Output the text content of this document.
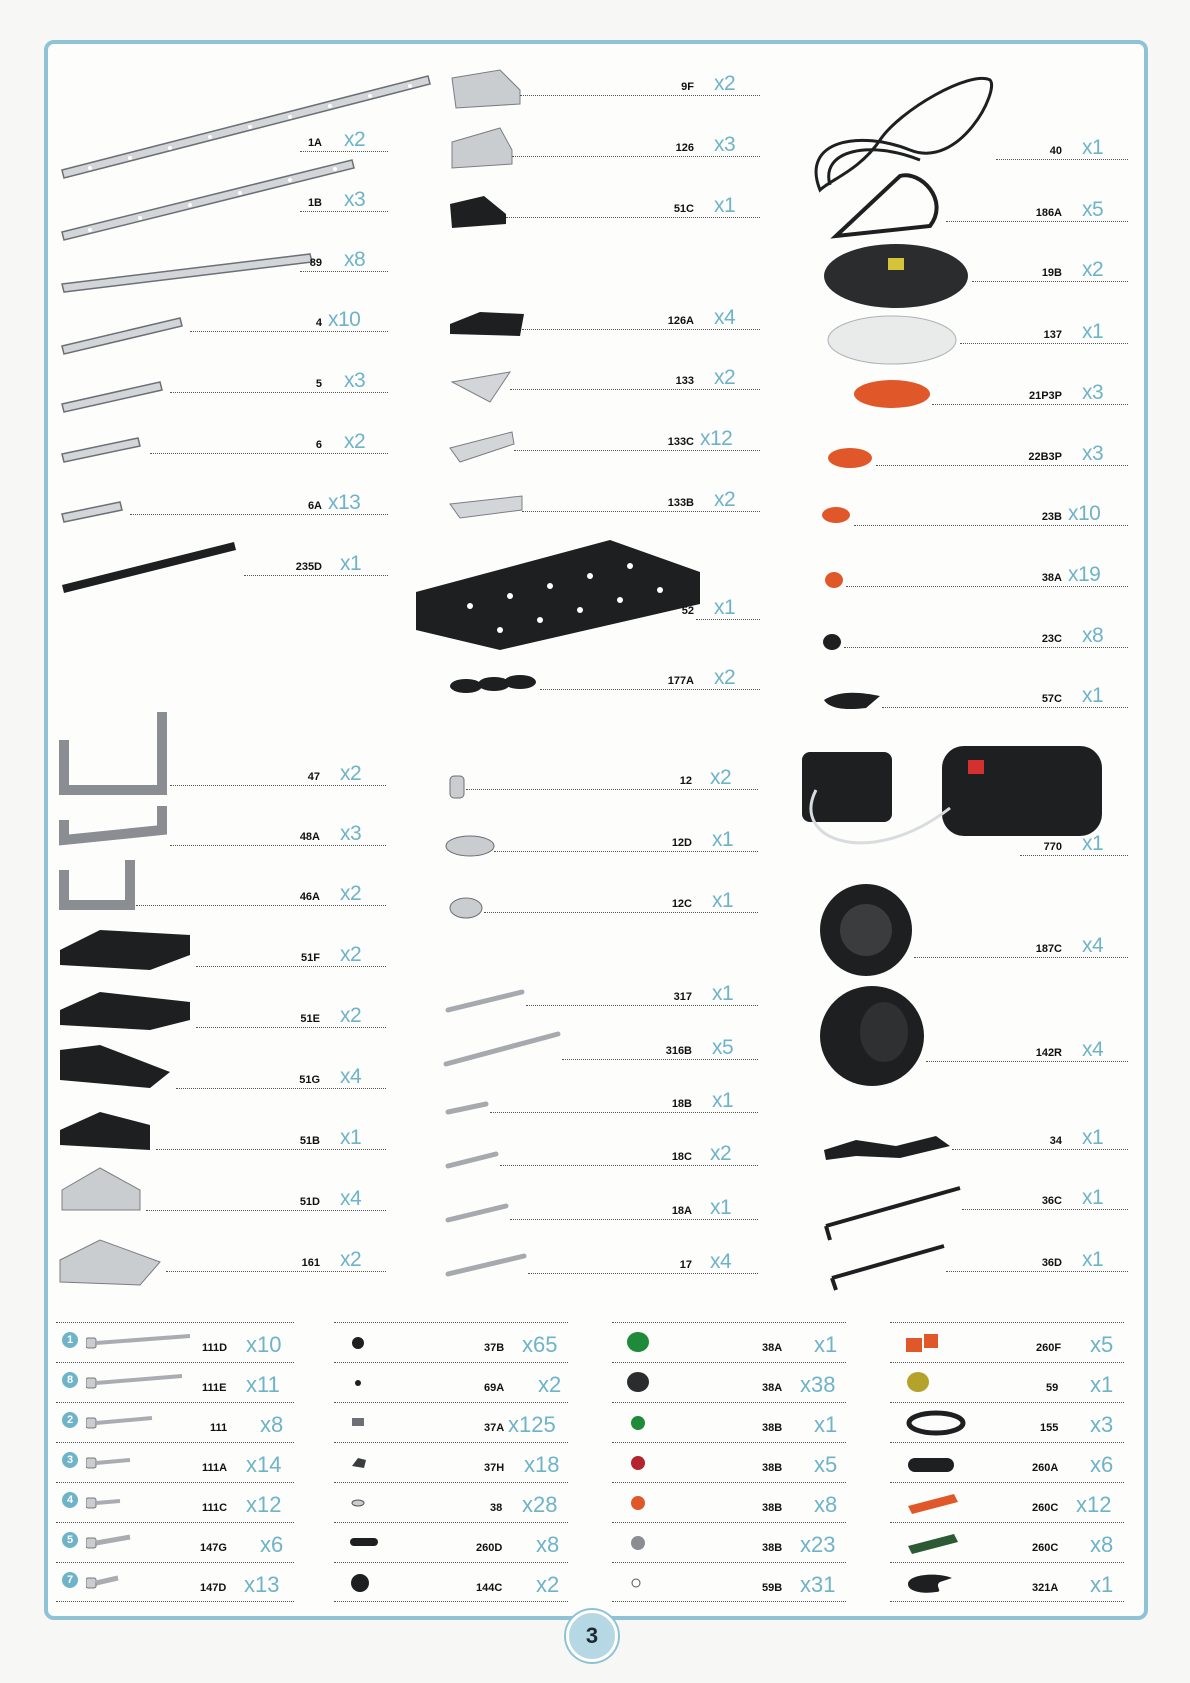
1A x2
1B x3
89 x8
4 x10
5 x3
6 x2
6A x13
235D x1
47 x2
48A x3
46A x2
51F x2
51E x2
51G x4
51B x1
51D x4
161 x2
9F x2
126 x3
51C x1
126A x4
133 x2
133C x12
133B x2
52 x1
177A x2
12 x2
12D x1
12C x1
317 x1
316B x5
18B x1
18C x2
18A x1
17 x4
40 x1
186A x5
19B x2
137 x1
21P3P x3
22B3P x3
23B x10
38A x19
23C x8
57C x1
770 x1
187C x4
142R x4
34 x1
36C x1
36D x1
1
111D x10
8
111E x11
2
111 x8
3
111A x14
4
111C x12
5
147G x6
7
147D x13
37B x65
69A x2
37A x125
37H x18
38 x28
260D x8
144C x2
38A x1
38A x38
38B x1
38B x5
38B x8
38B x23
59B x31
260F x5
59 x1
155 x3
260A x6
260C x12
260C x8
321A x1
3
